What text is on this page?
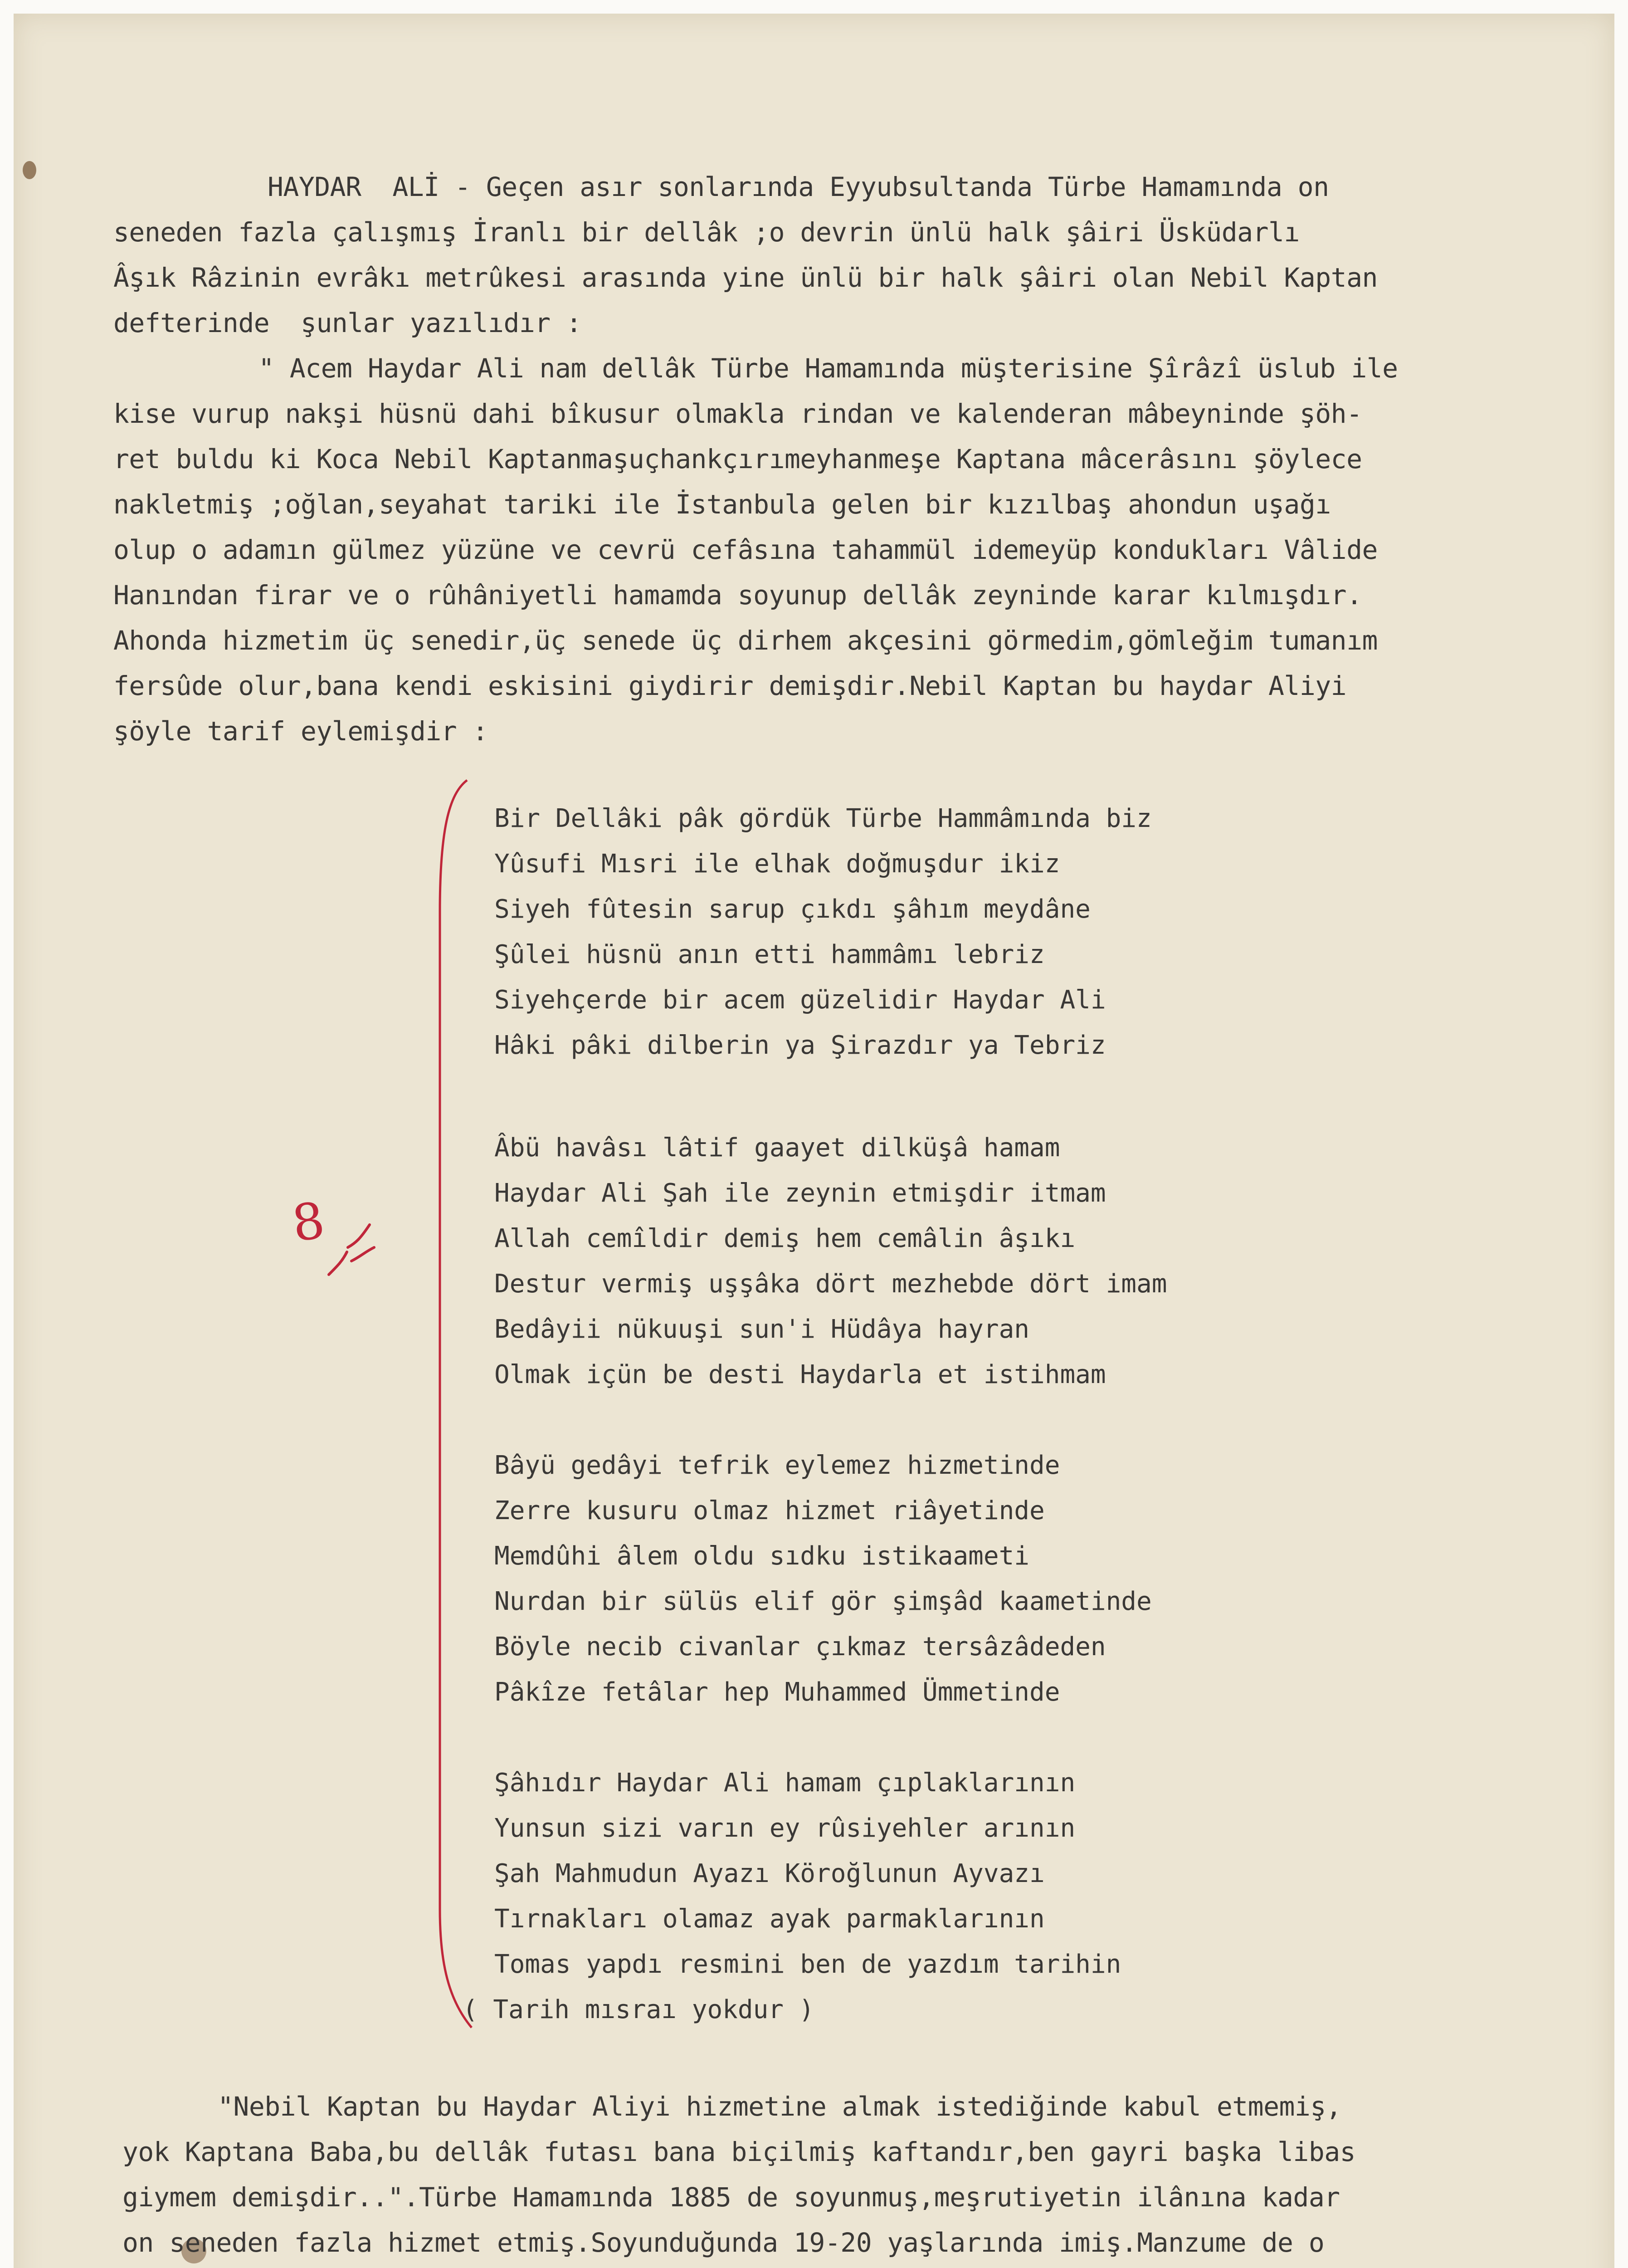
8
HAYDAR  ALİ - Geçen asır sonlarında Eyyubsultanda Türbe Hamamında on
seneden fazla çalışmış İranlı bir dellâk ;o devrin ünlü halk şâiri Üsküdarlı
Âşık Râzinin evrâkı metrûkesi arasında yine ünlü bir halk şâiri olan Nebil Kaptan
defterinde  şunlar yazılıdır :
" Acem Haydar Ali nam dellâk Türbe Hamamında müşterisine Şîrâzî üslub ile
kise vurup nakşi hüsnü dahi bîkusur olmakla rindan ve kalenderan mâbeyninde şöh-
ret buldu ki Koca Nebil Kaptanmaşuçhankçırımeyhanmeşe Kaptana mâcerâsını şöylece
nakletmiş ;oğlan,seyahat tariki ile İstanbula gelen bir kızılbaş ahondun uşağı
olup o adamın gülmez yüzüne ve cevrü cefâsına tahammül idemeyüp kondukları Vâlide
Hanından firar ve o rûhâniyetli hamamda soyunup dellâk zeyninde karar kılmışdır.
Ahonda hizmetim üç senedir,üç senede üç dirhem akçesini görmedim,gömleğim tumanım
fersûde olur,bana kendi eskisini giydirir demişdir.Nebil Kaptan bu haydar Aliyi
şöyle tarif eylemişdir :
Bir Dellâki pâk gördük Türbe Hammâmında biz
Yûsufi Mısri ile elhak doğmuşdur ikiz
Siyeh fûtesin sarup çıkdı şâhım meydâne
Şûlei hüsnü anın etti hammâmı lebriz
Siyehçerde bir acem güzelidir Haydar Ali
Hâki pâki dilberin ya Şirazdır ya Tebriz
Âbü havâsı lâtif gaayet dilküşâ hamam
Haydar Ali Şah ile zeynin etmişdir itmam
Allah cemîldir demiş hem cemâlin âşıkı
Destur vermiş uşşâka dört mezhebde dört imam
Bedâyii nükuuşi sun'i Hüdâya hayran
Olmak içün be desti Haydarla et istihmam
Bâyü gedâyi tefrik eylemez hizmetinde
Zerre kusuru olmaz hizmet riâyetinde
Memdûhi âlem oldu sıdku istikaameti
Nurdan bir sülüs elif gör şimşâd kaametinde
Böyle necib civanlar çıkmaz tersâzâdeden
Pâkîze fetâlar hep Muhammed Ümmetinde
Şâhıdır Haydar Ali hamam çıplaklarının
Yunsun sizi varın ey rûsiyehler arının
Şah Mahmudun Ayazı Köroğlunun Ayvazı
Tırnakları olamaz ayak parmaklarının
Tomas yapdı resmini ben de yazdım tarihin
( Tarih mısraı yokdur )
"Nebil Kaptan bu Haydar Aliyi hizmetine almak istediğinde kabul etmemiş,
yok Kaptana Baba,bu dellâk futası bana biçilmiş kaftandır,ben gayri başka libas
giymem demişdir..".Türbe Hamamında 1885 de soyunmuş,meşrutiyetin ilânına kadar
on seneden fazla hizmet etmiş.Soyunduğunda 19-20 yaşlarında imiş.Manzume de o
